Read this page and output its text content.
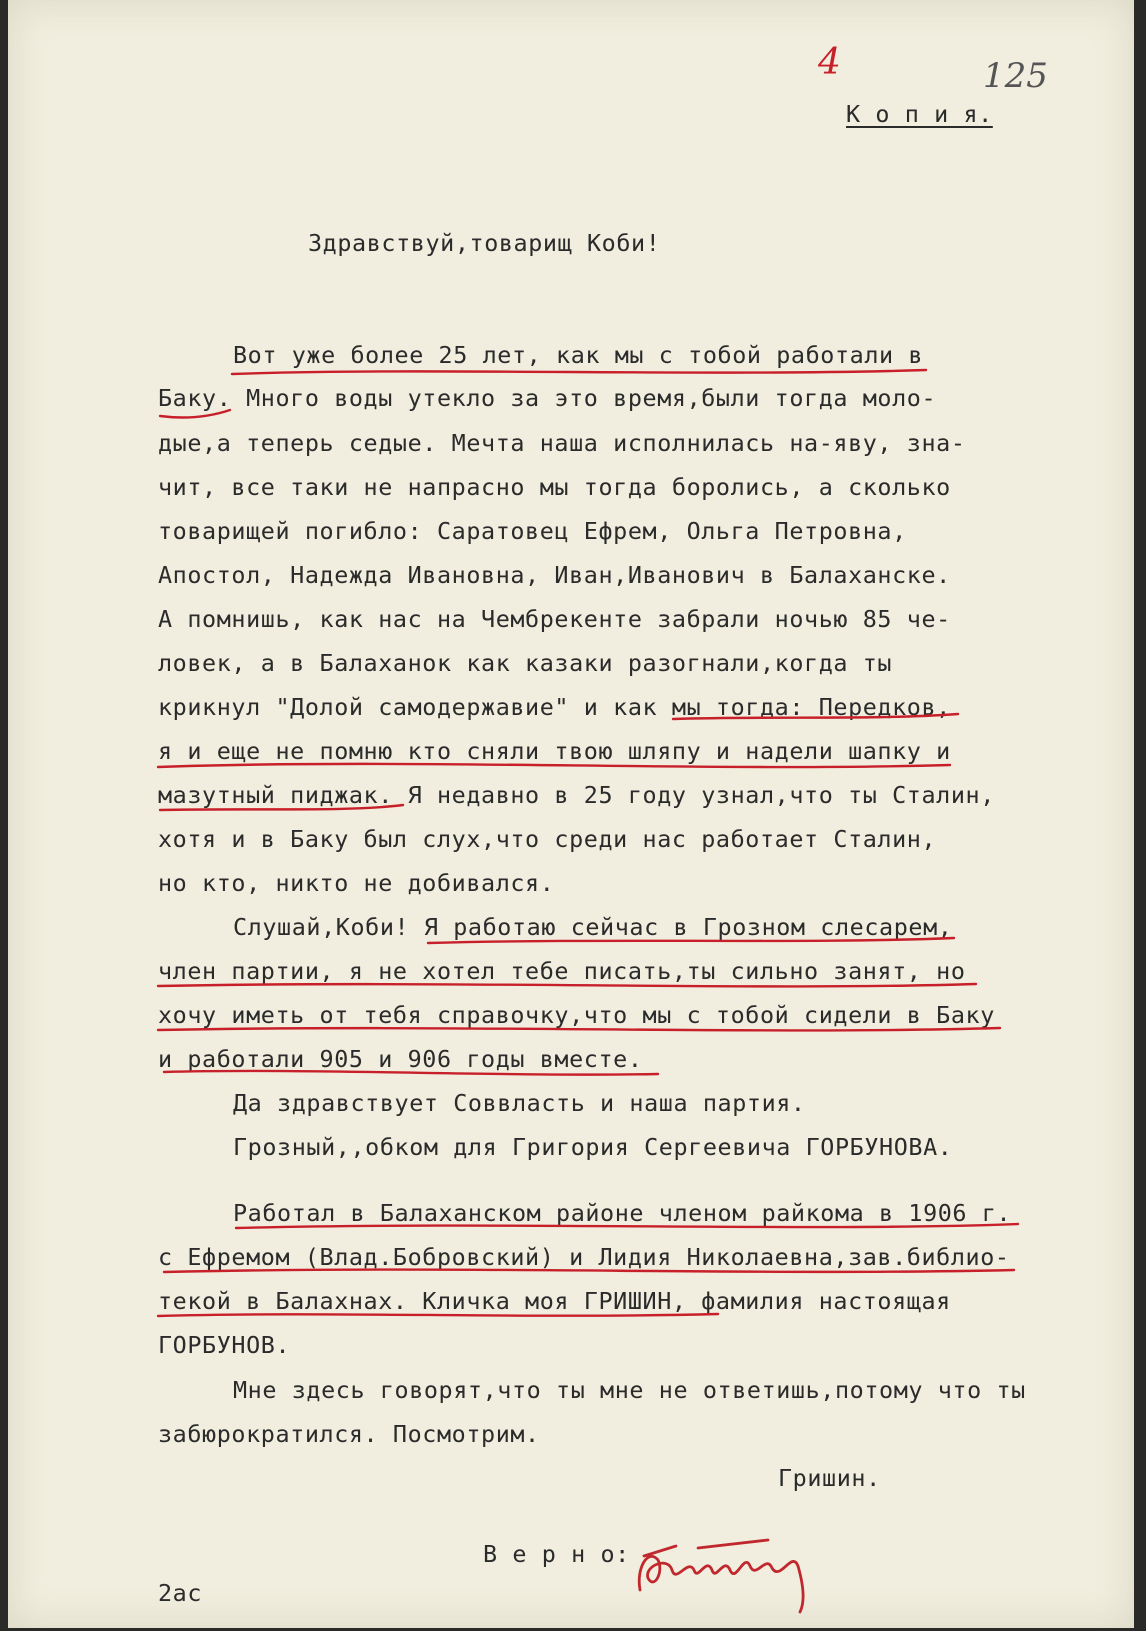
4	125
К о п и я.
Здравствуй,товарищ Коби!
Вот уже более 25 лет, как мы с тобой работали в
Баку. Много воды утекло за это время,были тогда моло-
дые,а теперь седые. Мечта наша исполнилась на-яву, зна-
чит, все таки не напрасно мы тогда боролись, а сколько
товарищей погибло: Саратовец Ефрем, Ольга Петровна,
Апостол, Надежда Ивановна, Иван,Иванович в Балаханске.
А помнишь, как нас на Чембрекенте забрали ночью 85 че-
ловек, а в Балаханок как казаки разогнали,когда ты
крикнул "Долой самодержавие" и как мы тогда: Передков,
я и еще не помню кто сняли твою шляпу и надели шапку и
мазутный пиджак. Я недавно в 25 году узнал,что ты Сталин,
хотя и в Баку был слух,что среди нас работает Сталин,
но кто, никто не добивался.
Слушай,Коби! Я работаю сейчас в Грозном слесарем,
член партии, я не хотел тебе писать,ты сильно занят, но
хочу иметь от тебя справочку,что мы с тобой сидели в Баку
и работали 905 и 906 годы вместе.
Да здравствует Соввласть и наша партия.
Грозный,,обком для Григория Сергеевича ГОРБУНОВА.
Работал в Балаханском районе членом райкома в 1906 г.
с Ефремом (Влад.Бобровский) и Лидия Николаевна,зав.библио-
текой в Балахнах. Кличка моя ГРИШИН, фамилия настоящая
ГОРБУНОВ.
Мне здесь говорят,что ты мне не ответишь,потому что ты
забюрократился. Посмотрим.
Гришин.
В е р н о:
2ас
